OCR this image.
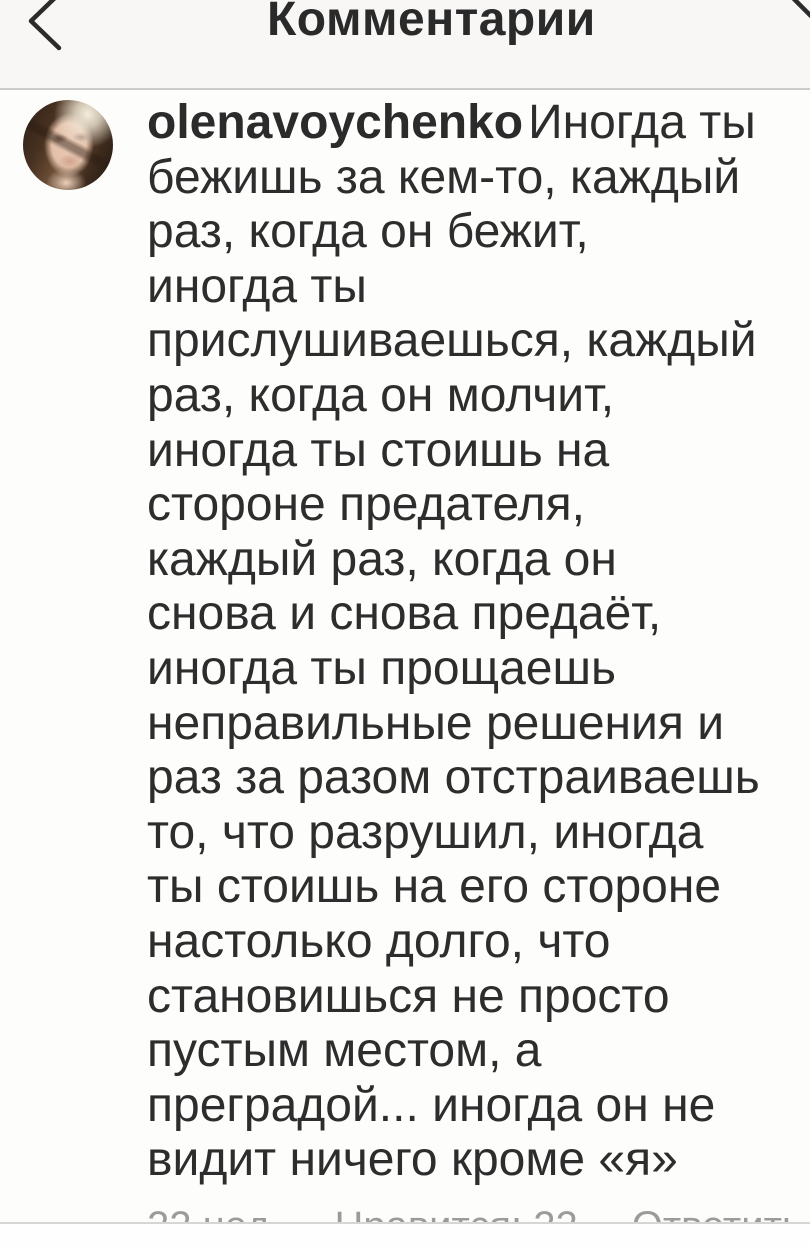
Комментарии
olenavoychenko Иногда ты
бежишь за кем-то, каждый
раз, когда он бежит,
иногда ты
прислушиваешься, каждый
раз, когда он молчит,
иногда ты стоишь на
стороне предателя,
каждый раз, когда он
снова и снова предаёт,
иногда ты прощаешь
неправильные решения и
раз за разом отстраиваешь
то, что разрушил, иногда
ты стоишь на его стороне
настолько долго, что
становишься не просто
пустым местом, а
преградой... иногда он не
видит ничего кроме «я»
